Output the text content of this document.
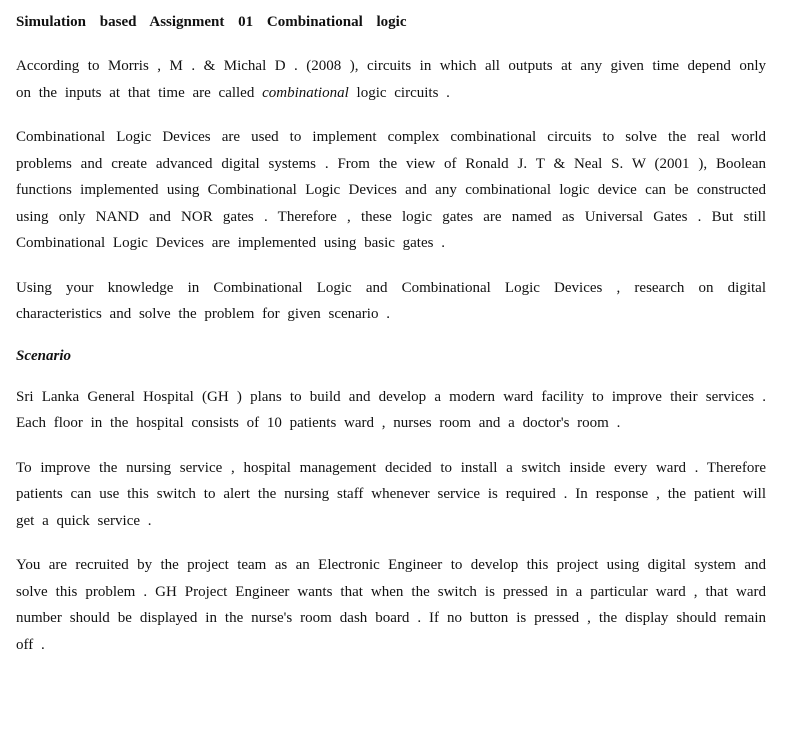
Simulation based Assignment 01 Combinational logic

According to Morris , M . & Michal D . (2008 ), circuits in which all outputs at any given time depend only on the inputs at that time are called combinational logic circuits .

Combinational Logic Devices are used to implement complex combinational circuits to solve the real world problems and create advanced digital systems . From the view of Ronald J. T & Neal S. W (2001 ), Boolean functions implemented using Combinational Logic Devices and any combinational logic device can be constructed using only NAND and NOR gates . Therefore , these logic gates are named as Universal Gates . But still Combinational Logic Devices are implemented using basic gates .

Using your knowledge in Combinational Logic and Combinational Logic Devices , research on digital characteristics and solve the problem for given scenario .

Scenario

Sri Lanka General Hospital (GH ) plans to build and develop a modern ward facility to improve their services . Each floor in the hospital consists of 10 patients ward , nurses room and a doctor's room .

To improve the nursing service , hospital management decided to install a switch inside every ward . Therefore patients can use this switch to alert the nursing staff whenever service is required . In response , the patient will get a quick service .

You are recruited by the project team as an Electronic Engineer to develop this project using digital system and solve this problem . GH Project Engineer wants that when the switch is pressed in a particular ward , that ward number should be displayed in the nurse's room dash board . If no button is pressed , the display should remain off .
